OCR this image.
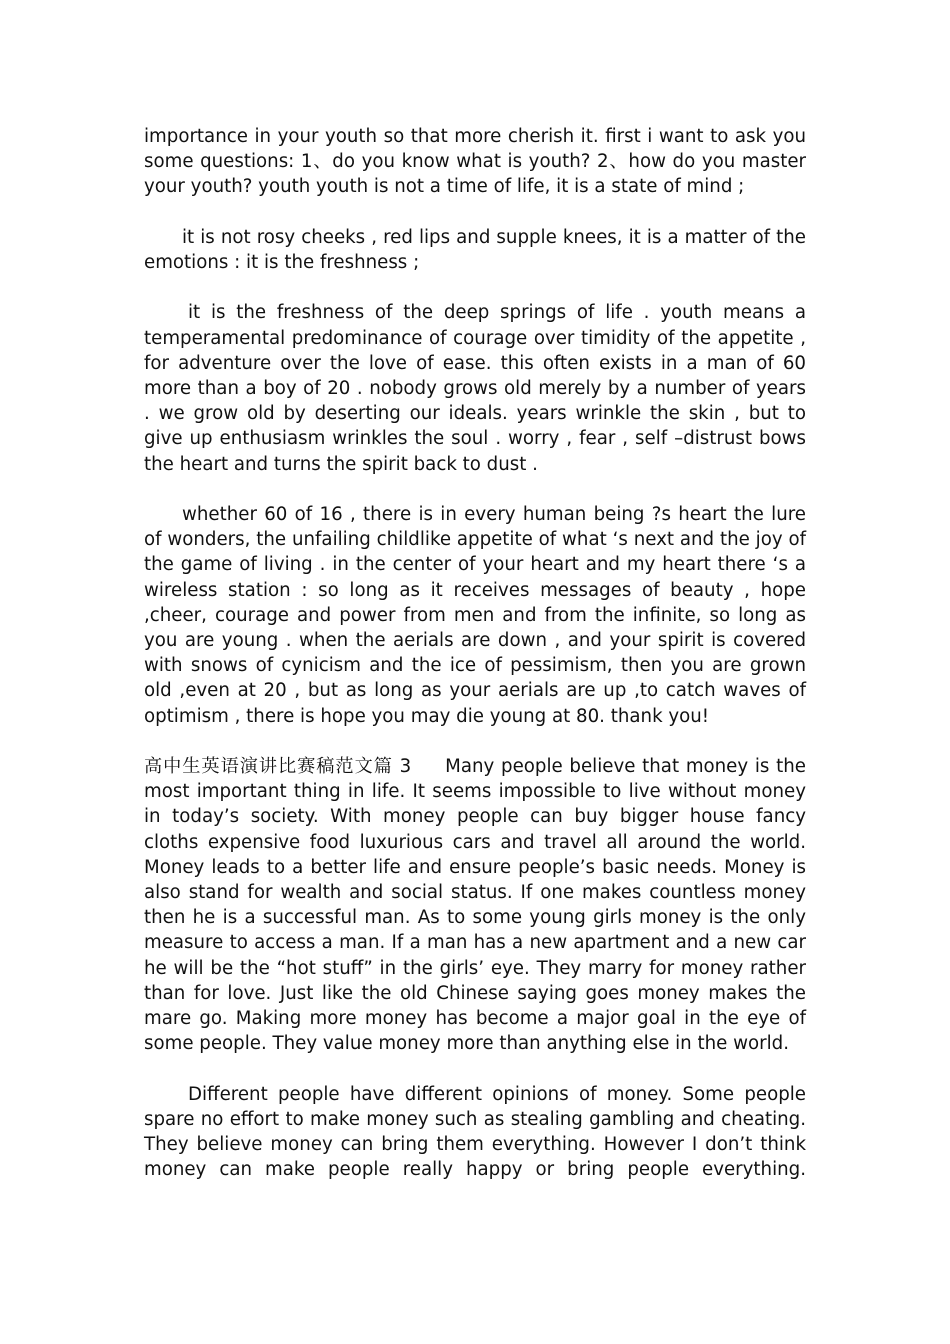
importance in your youth so that more cherish it. first i want to ask you some questions: 1、do you know what is youth? 2、how do you master your youth? youth youth is not a time of life, it is a state of mind ;

it is not rosy cheeks , red lips and supple knees, it is a matter of the emotions : it is the freshness ;

it is the freshness of the deep springs of life . youth means a temperamental predominance of courage over timidity of the appetite , for adventure over the love of ease. this often exists in a man of 60 more than a boy of 20 . nobody grows old merely by a number of years . we grow old by deserting our ideals. years wrinkle the skin , but to give up enthusiasm wrinkles the soul . worry , fear , self –distrust bows the heart and turns the spirit back to dust .

whether 60 of 16 , there is in every human being ?s heart the lure of wonders, the unfailing childlike appetite of what ‘s next and the joy of the game of living . in the center of your heart and my heart there ‘s a wireless station : so long as it receives messages of beauty , hope ,cheer, courage and power from men and from the infinite, so long as you are young . when the aerials are down , and your spirit is covered with snows of cynicism and the ice of pessimism, then you are grown old ,even at 20 , but as long as your aerials are up ,to catch waves of optimism , there is hope you may die young at 80. thank you!

高中生英语演讲比赛稿范文篇 3 Many people believe that money is the most important thing in life. It seems impossible to live without money in today’s society. With money people can buy bigger house fancy cloths expensive food luxurious cars and travel all around the world. Money leads to a better life and ensure people’s basic needs. Money is also stand for wealth and social status. If one makes countless money then he is a successful man. As to some young girls money is the only measure to access a man. If a man has a new apartment and a new car he will be the “hot stuff” in the girls’ eye. They marry for money rather than for love. Just like the old Chinese saying goes money makes the mare go. Making more money has become a major goal in the eye of some people. They value money more than anything else in the world.

Different people have different opinions of money. Some people spare no effort to make money such as stealing gambling and cheating. They believe money can bring them everything. However I don’t think money can make people really happy or bring people everything.
